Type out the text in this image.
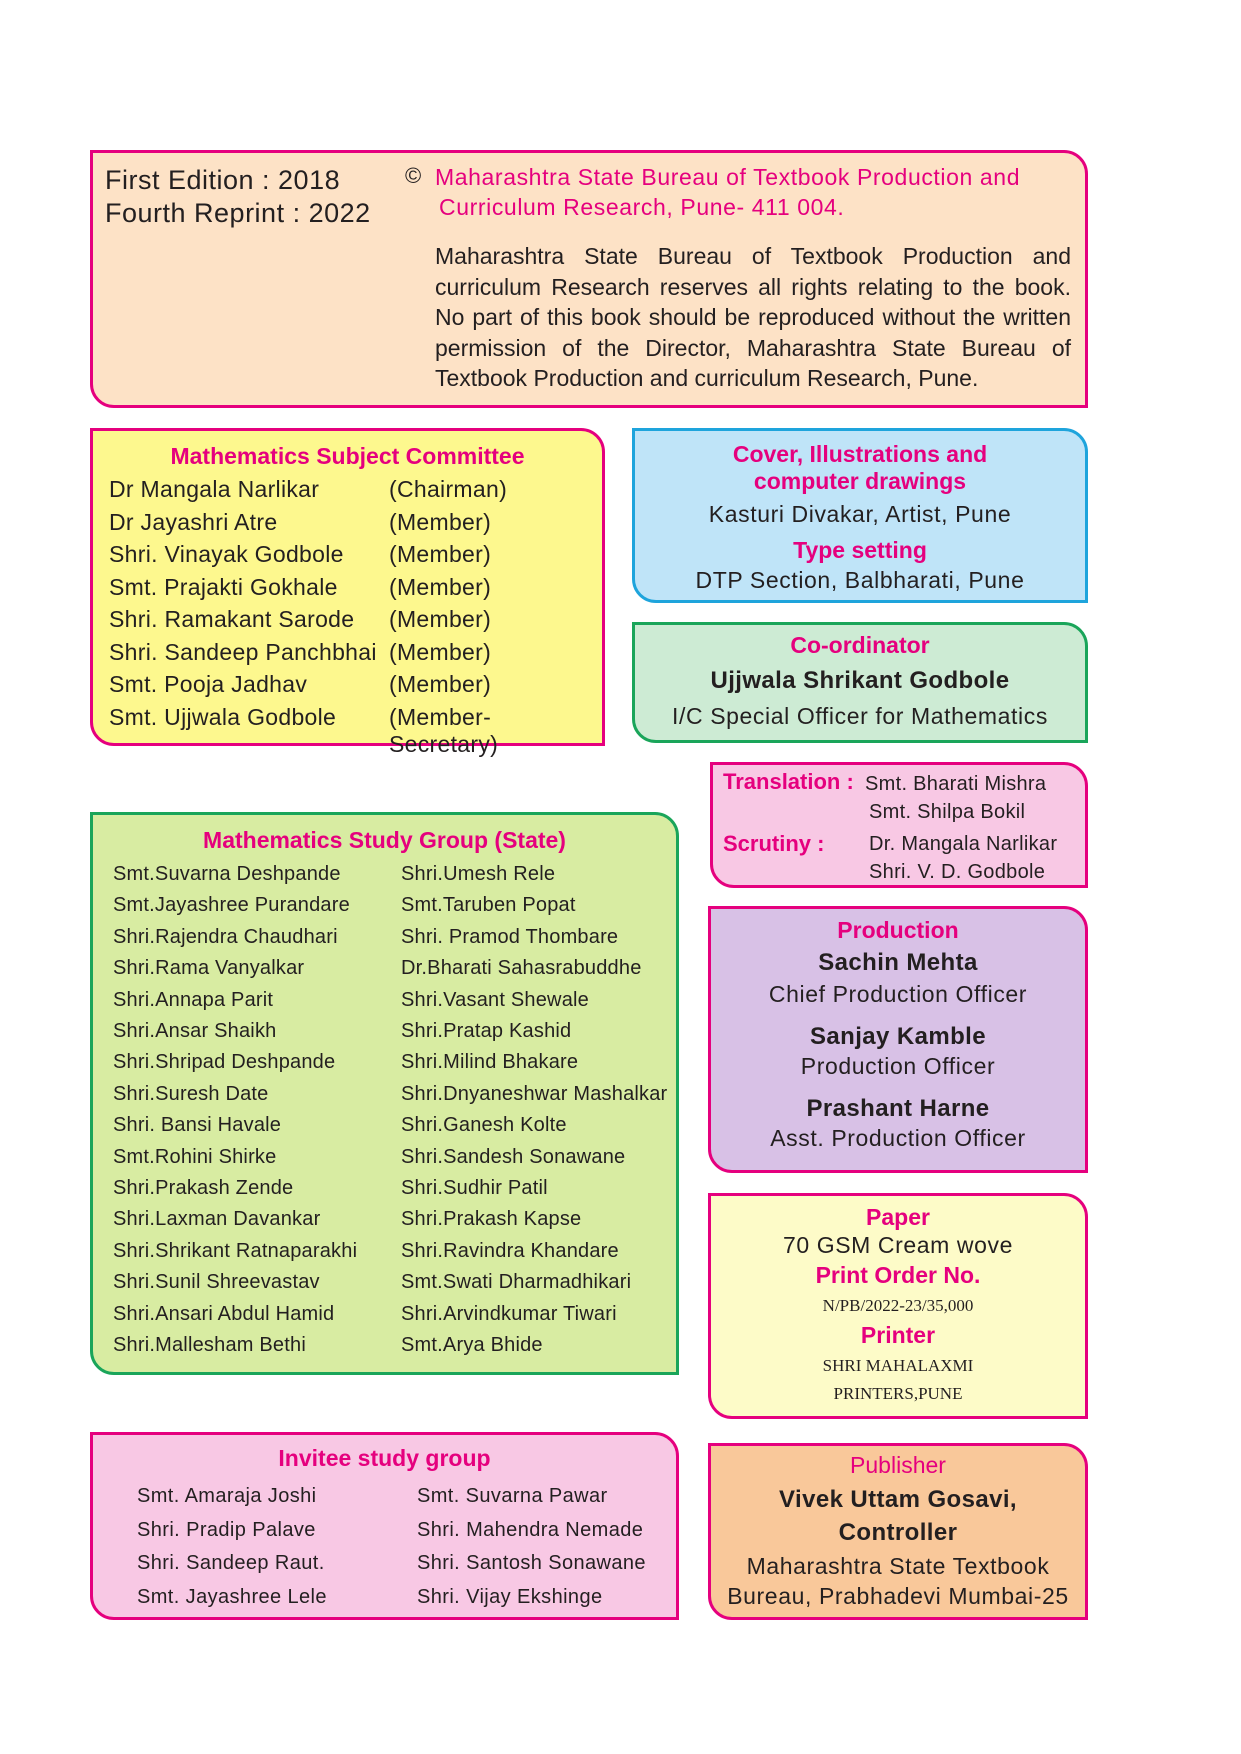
First Edition : 2018
Fourth Reprint : 2022
© Maharashtra State Bureau of Textbook Production and
Curriculum Research, Pune- 411 004.
Maharashtra State Bureau of Textbook Production and curriculum Research reserves all rights relating to the book. No part of this book should be reproduced without the written permission of the Director, Maharashtra State Bureau of Textbook Production and curriculum Research, Pune.
Mathematics Subject Committee
Dr Mangala Narlikar	(Chairman)
Dr Jayashri Atre	(Member)
Shri. Vinayak Godbole (Member)
Smt. Prajakti Gokhale (Member)
Shri. Ramakant Sarode (Member)
Shri. Sandeep Panchbhai (Member)
Smt. Pooja Jadhav	(Member)
Smt. Ujjwala Godbole (Member-Secretary)
Cover, Illustrations and
computer drawings
Kasturi Divakar, Artist, Pune
Type setting
DTP Section, Balbharati, Pune
Co-ordinator
Ujjwala Shrikant Godbole
I/C Special Officer for Mathematics
Translation : Smt. Bharati Mishra
Smt. Shilpa Bokil
Scrutiny : Dr. Mangala Narlikar
Shri. V. D. Godbole
Production
Sachin Mehta
Chief Production Officer
Sanjay Kamble
Production Officer
Prashant Harne
Asst. Production Officer
Paper
70 GSM Cream wove
Print Order No.
N/PB/2022-23/35,000
Printer
SHRI MAHALAXMI
PRINTERS,PUNE
Publisher
Vivek Uttam Gosavi,
Controller
Maharashtra State Textbook
Bureau, Prabhadevi Mumbai-25
Mathematics Study Group (State)
Smt.Suvarna Deshpande
Smt.Jayashree Purandare
Shri.Rajendra Chaudhari
Shri.Rama Vanyalkar
Shri.Annapa Parit
Shri.Ansar Shaikh
Shri.Shripad Deshpande
Shri.Suresh Date
Shri. Bansi Havale
Smt.Rohini Shirke
Shri.Prakash Zende
Shri.Laxman Davankar
Shri.Shrikant Ratnaparakhi
Shri.Sunil Shreevastav
Shri.Ansari Abdul Hamid
Shri.Mallesham Bethi
Shri.Umesh Rele
Smt.Taruben Popat
Shri. Pramod Thombare
Dr.Bharati Sahasrabuddhe
Shri.Vasant Shewale
Shri.Pratap Kashid
Shri.Milind Bhakare
Shri.Dnyaneshwar Mashalkar
Shri.Ganesh Kolte
Shri.Sandesh Sonawane
Shri.Sudhir Patil
Shri.Prakash Kapse
Shri.Ravindra Khandare
Smt.Swati Dharmadhikari
Shri.Arvindkumar Tiwari
Smt.Arya Bhide
Invitee study group
Smt. Amaraja Joshi
Shri. Pradip Palave
Shri. Sandeep Raut.
Smt. Jayashree Lele
Smt. Suvarna Pawar
Shri. Mahendra Nemade
Shri. Santosh Sonawane
Shri. Vijay Ekshinge
